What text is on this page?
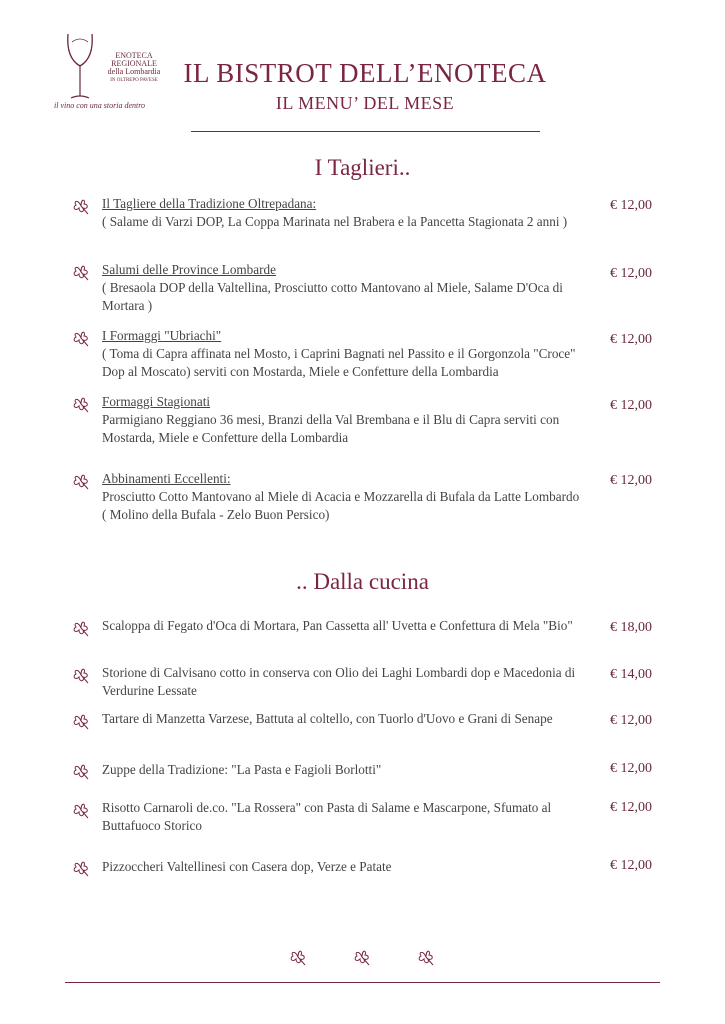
ENOTECA
REGIONALE
della Lombardia
IN OLTREPO PAVESE
il vino con una storia dentro
IL BISTROT DELL’ENOTECA
IL MENU’ DEL MESE
I Taglieri..
Il Tagliere della Tradizione Oltrepadana:
( Salame di Varzi DOP, La Coppa Marinata nel Brabera e la Pancetta Stagionata 2 anni )
€ 12,00
Salumi delle Province Lombarde
( Bresaola DOP della Valtellina, Prosciutto cotto Mantovano al Miele, Salame D'Oca di Mortara )
€ 12,00
I Formaggi "Ubriachi"
( Toma di Capra affinata nel Mosto, i Caprini Bagnati nel Passito e il Gorgonzola "Croce" Dop al Moscato) serviti con Mostarda, Miele e Confetture della Lombardia
€ 12,00
Formaggi Stagionati
Parmigiano Reggiano 36 mesi, Branzi della Val Brembana e il Blu di Capra serviti con Mostarda, Miele e Confetture della Lombardia
€ 12,00
Abbinamenti Eccellenti:
Prosciutto Cotto Mantovano al Miele di Acacia e Mozzarella di Bufala da Latte Lombardo ( Molino della Bufala - Zelo Buon Persico)
€ 12,00
.. Dalla cucina
Scaloppa di Fegato d'Oca di Mortara, Pan Cassetta all' Uvetta e Confettura di Mela "Bio"	€ 18,00
Storione di Calvisano cotto in conserva con Olio dei Laghi Lombardi dop e Macedonia di Verdurine Lessate
€ 14,00
Tartare di Manzetta Varzese, Battuta al coltello, con Tuorlo d'Uovo e Grani di Senape	€ 12,00
Zuppe della Tradizione: "La Pasta e Fagioli Borlotti"	€ 12,00
Risotto Carnaroli de.co. "La Rossera" con Pasta di Salame e Mascarpone, Sfumato al Buttafuoco Storico
€ 12,00
Pizzoccheri Valtellinesi con Casera dop, Verze e Patate	€ 12,00
